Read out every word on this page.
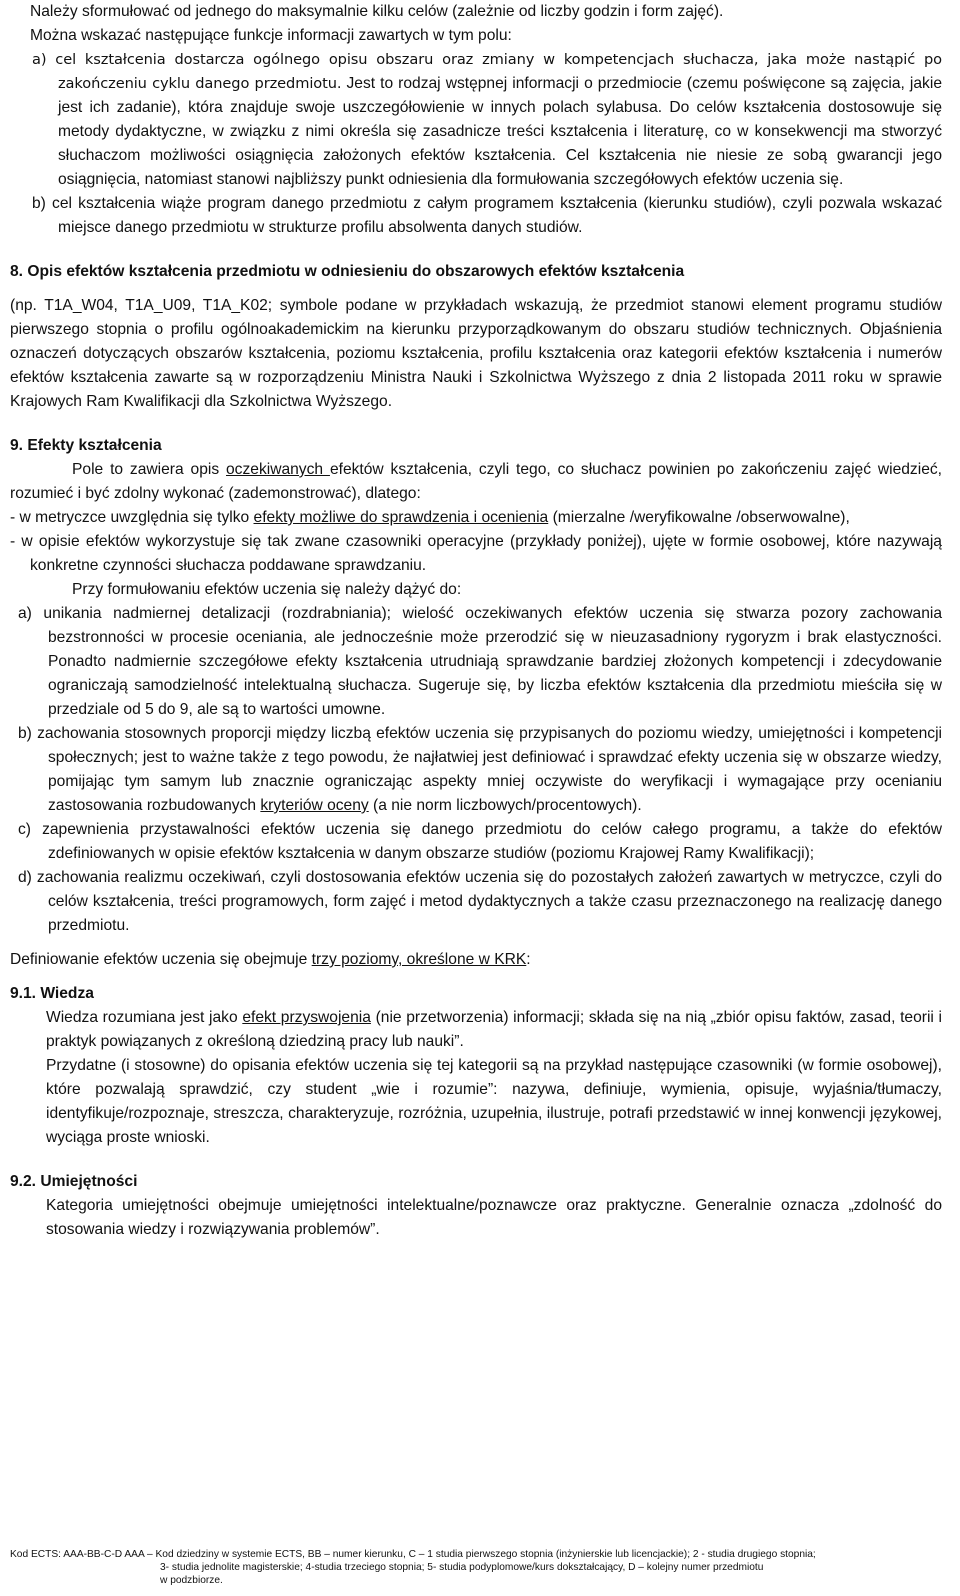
Należy sformułować od jednego do maksymalnie kilku celów (zależnie od liczby godzin i form zajęć).

Można wskazać następujące funkcje informacji zawartych w tym polu:

a) cel kształcenia dostarcza ogólnego opisu obszaru oraz zmiany w kompetencjach słuchacza, jaka może nastąpić po zakończeniu cyklu danego przedmiotu. Jest to rodzaj wstępnej informacji o przedmiocie (czemu poświęcone są zajęcia, jakie jest ich zadanie), która znajduje swoje uszczegółowienie w innych polach sylabusa. Do celów kształcenia dostosowuje się metody dydaktyczne, w związku z nimi określa się zasadnicze treści kształcenia i literaturę, co w konsekwencji ma stworzyć słuchaczom możliwości osiągnięcia założonych efektów kształcenia. Cel kształcenia nie niesie ze sobą gwarancji jego osiągnięcia, natomiast stanowi najbliższy punkt odniesienia dla formułowania szczegółowych efektów uczenia się.

b) cel kształcenia wiąże program danego przedmiotu z całym programem kształcenia (kierunku studiów), czyli pozwala wskazać miejsce danego przedmiotu w strukturze profilu absolwenta danych studiów.

8. Opis efektów kształcenia przedmiotu w odniesieniu do obszarowych efektów kształcenia

(np. T1A_W04, T1A_U09, T1A_K02; symbole podane w przykładach wskazują, że przedmiot stanowi element programu studiów pierwszego stopnia o profilu ogólnoakademickim na kierunku przyporządkowanym do obszaru studiów technicznych. Objaśnienia oznaczeń dotyczących obszarów kształcenia, poziomu kształcenia, profilu kształcenia oraz kategorii efektów kształcenia i numerów efektów kształcenia zawarte są w rozporządzeniu Ministra Nauki i Szkolnictwa Wyższego z dnia 2 listopada 2011 roku w sprawie Krajowych Ram Kwalifikacji dla Szkolnictwa Wyższego.

9. Efekty kształcenia

Pole to zawiera opis oczekiwanych efektów kształcenia, czyli tego, co słuchacz powinien po zakończeniu zajęć wiedzieć, rozumieć i być zdolny wykonać (zademonstrować), dlatego:

- w metryczce uwzględnia się tylko efekty możliwe do sprawdzenia i ocenienia (mierzalne /weryfikowalne /obserwowalne),

- w opisie efektów wykorzystuje się tak zwane czasowniki operacyjne (przykłady poniżej), ujęte w formie osobowej, które nazywają konkretne czynności słuchacza poddawane sprawdzaniu.

Przy formułowaniu efektów uczenia się należy dążyć do:

a) unikania nadmiernej detalizacji (rozdrabniania); wielość oczekiwanych efektów uczenia się stwarza pozory zachowania bezstronności w procesie oceniania, ale jednocześnie może przerodzić się w nieuzasadniony rygoryzm i brak elastyczności. Ponadto nadmiernie szczegółowe efekty kształcenia utrudniają sprawdzanie bardziej złożonych kompetencji i zdecydowanie ograniczają samodzielność intelektualną słuchacza. Sugeruje się, by liczba efektów kształcenia dla przedmiotu mieściła się w przedziale od 5 do 9, ale są to wartości umowne.

b) zachowania stosownych proporcji między liczbą efektów uczenia się przypisanych do poziomu wiedzy, umiejętności i kompetencji społecznych; jest to ważne także z tego powodu, że najłatwiej jest definiować i sprawdzać efekty uczenia się w obszarze wiedzy, pomijając tym samym lub znacznie ograniczając aspekty mniej oczywiste do weryfikacji i wymagające przy ocenianiu zastosowania rozbudowanych kryteriów oceny (a nie norm liczbowych/procentowych).

c) zapewnienia przystawalności efektów uczenia się danego przedmiotu do celów całego programu, a także do efektów zdefiniowanych w opisie efektów kształcenia w danym obszarze studiów (poziomu Krajowej Ramy Kwalifikacji);

d) zachowania realizmu oczekiwań, czyli dostosowania efektów uczenia się do pozostałych założeń zawartych w metryczce, czyli do celów kształcenia, treści programowych, form zajęć i metod dydaktycznych a także czasu przeznaczonego na realizację danego przedmiotu.

Definiowanie efektów uczenia się obejmuje trzy poziomy, określone w KRK:

9.1. Wiedza

Wiedza rozumiana jest jako efekt przyswojenia (nie przetworzenia) informacji; składa się na nią „zbiór opisu faktów, zasad, teorii i praktyk powiązanych z określoną dziedziną pracy lub nauki”.

Przydatne (i stosowne) do opisania efektów uczenia się tej kategorii są na przykład następujące czasowniki (w formie osobowej), które pozwalają sprawdzić, czy student „wie i rozumie”: nazywa, definiuje, wymienia, opisuje, wyjaśnia/tłumaczy, identyfikuje/rozpoznaje, streszcza, charakteryzuje, rozróżnia, uzupełnia, ilustruje, potrafi przedstawić w innej konwencji językowej, wyciąga proste wnioski.

9.2. Umiejętności

Kategoria umiejętności obejmuje umiejętności intelektualne/poznawcze oraz praktyczne. Generalnie oznacza „zdolność do stosowania wiedzy i rozwiązywania problemów”.

Kod ECTS: AAA-BB-C-D AAA – Kod dziedziny w systemie ECTS, BB – numer kierunku, C – 1 studia pierwszego stopnia (inżynierskie lub licencjackie); 2 - studia drugiego stopnia;
3- studia jednolite magisterskie; 4-studia trzeciego stopnia; 5- studia podyplomowe/kurs dokształcający, D – kolejny numer przedmiotu
w podzbiorze.
